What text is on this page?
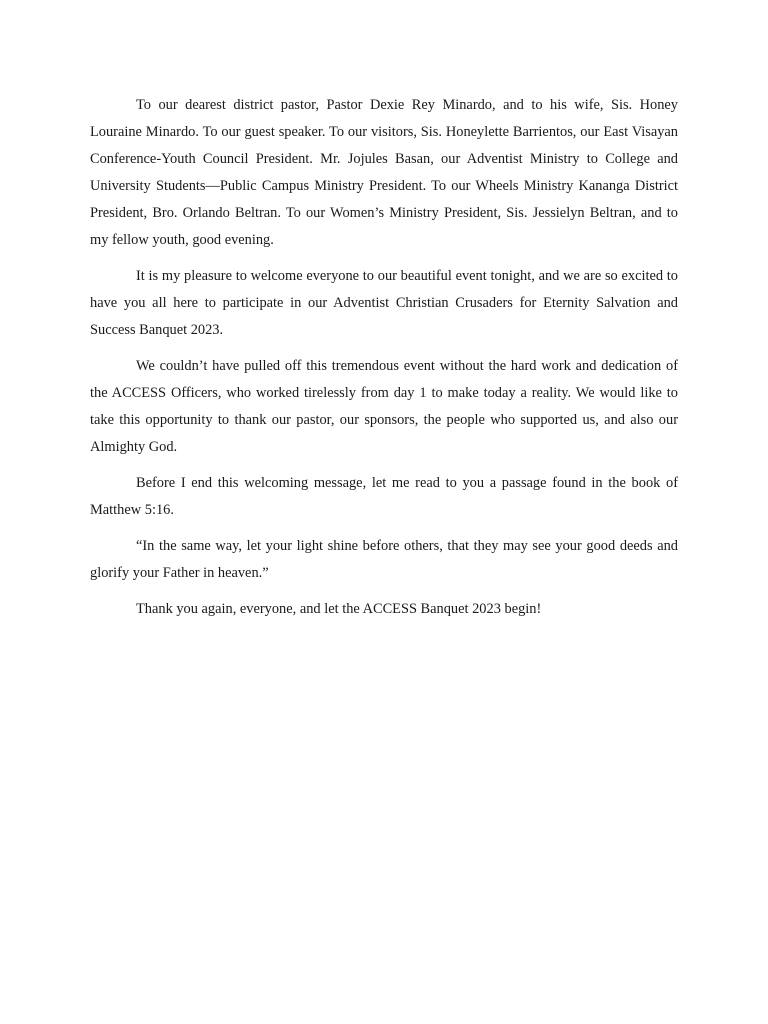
To our dearest district pastor, Pastor Dexie Rey Minardo, and to his wife, Sis. Honey Louraine Minardo. To our guest speaker. To our visitors, Sis. Honeylette Barrientos, our East Visayan Conference-Youth Council President. Mr. Jojules Basan, our Adventist Ministry to College and University Students—Public Campus Ministry President. To our Wheels Ministry Kananga District President, Bro. Orlando Beltran. To our Women’s Ministry President, Sis. Jessielyn Beltran, and to my fellow youth, good evening.

It is my pleasure to welcome everyone to our beautiful event tonight, and we are so excited to have you all here to participate in our Adventist Christian Crusaders for Eternity Salvation and Success Banquet 2023.

We couldn’t have pulled off this tremendous event without the hard work and dedication of the ACCESS Officers, who worked tirelessly from day 1 to make today a reality. We would like to take this opportunity to thank our pastor, our sponsors, the people who supported us, and also our Almighty God.

Before I end this welcoming message, let me read to you a passage found in the book of Matthew 5:16.

“In the same way, let your light shine before others, that they may see your good deeds and glorify your Father in heaven.”

Thank you again, everyone, and let the ACCESS Banquet 2023 begin!
